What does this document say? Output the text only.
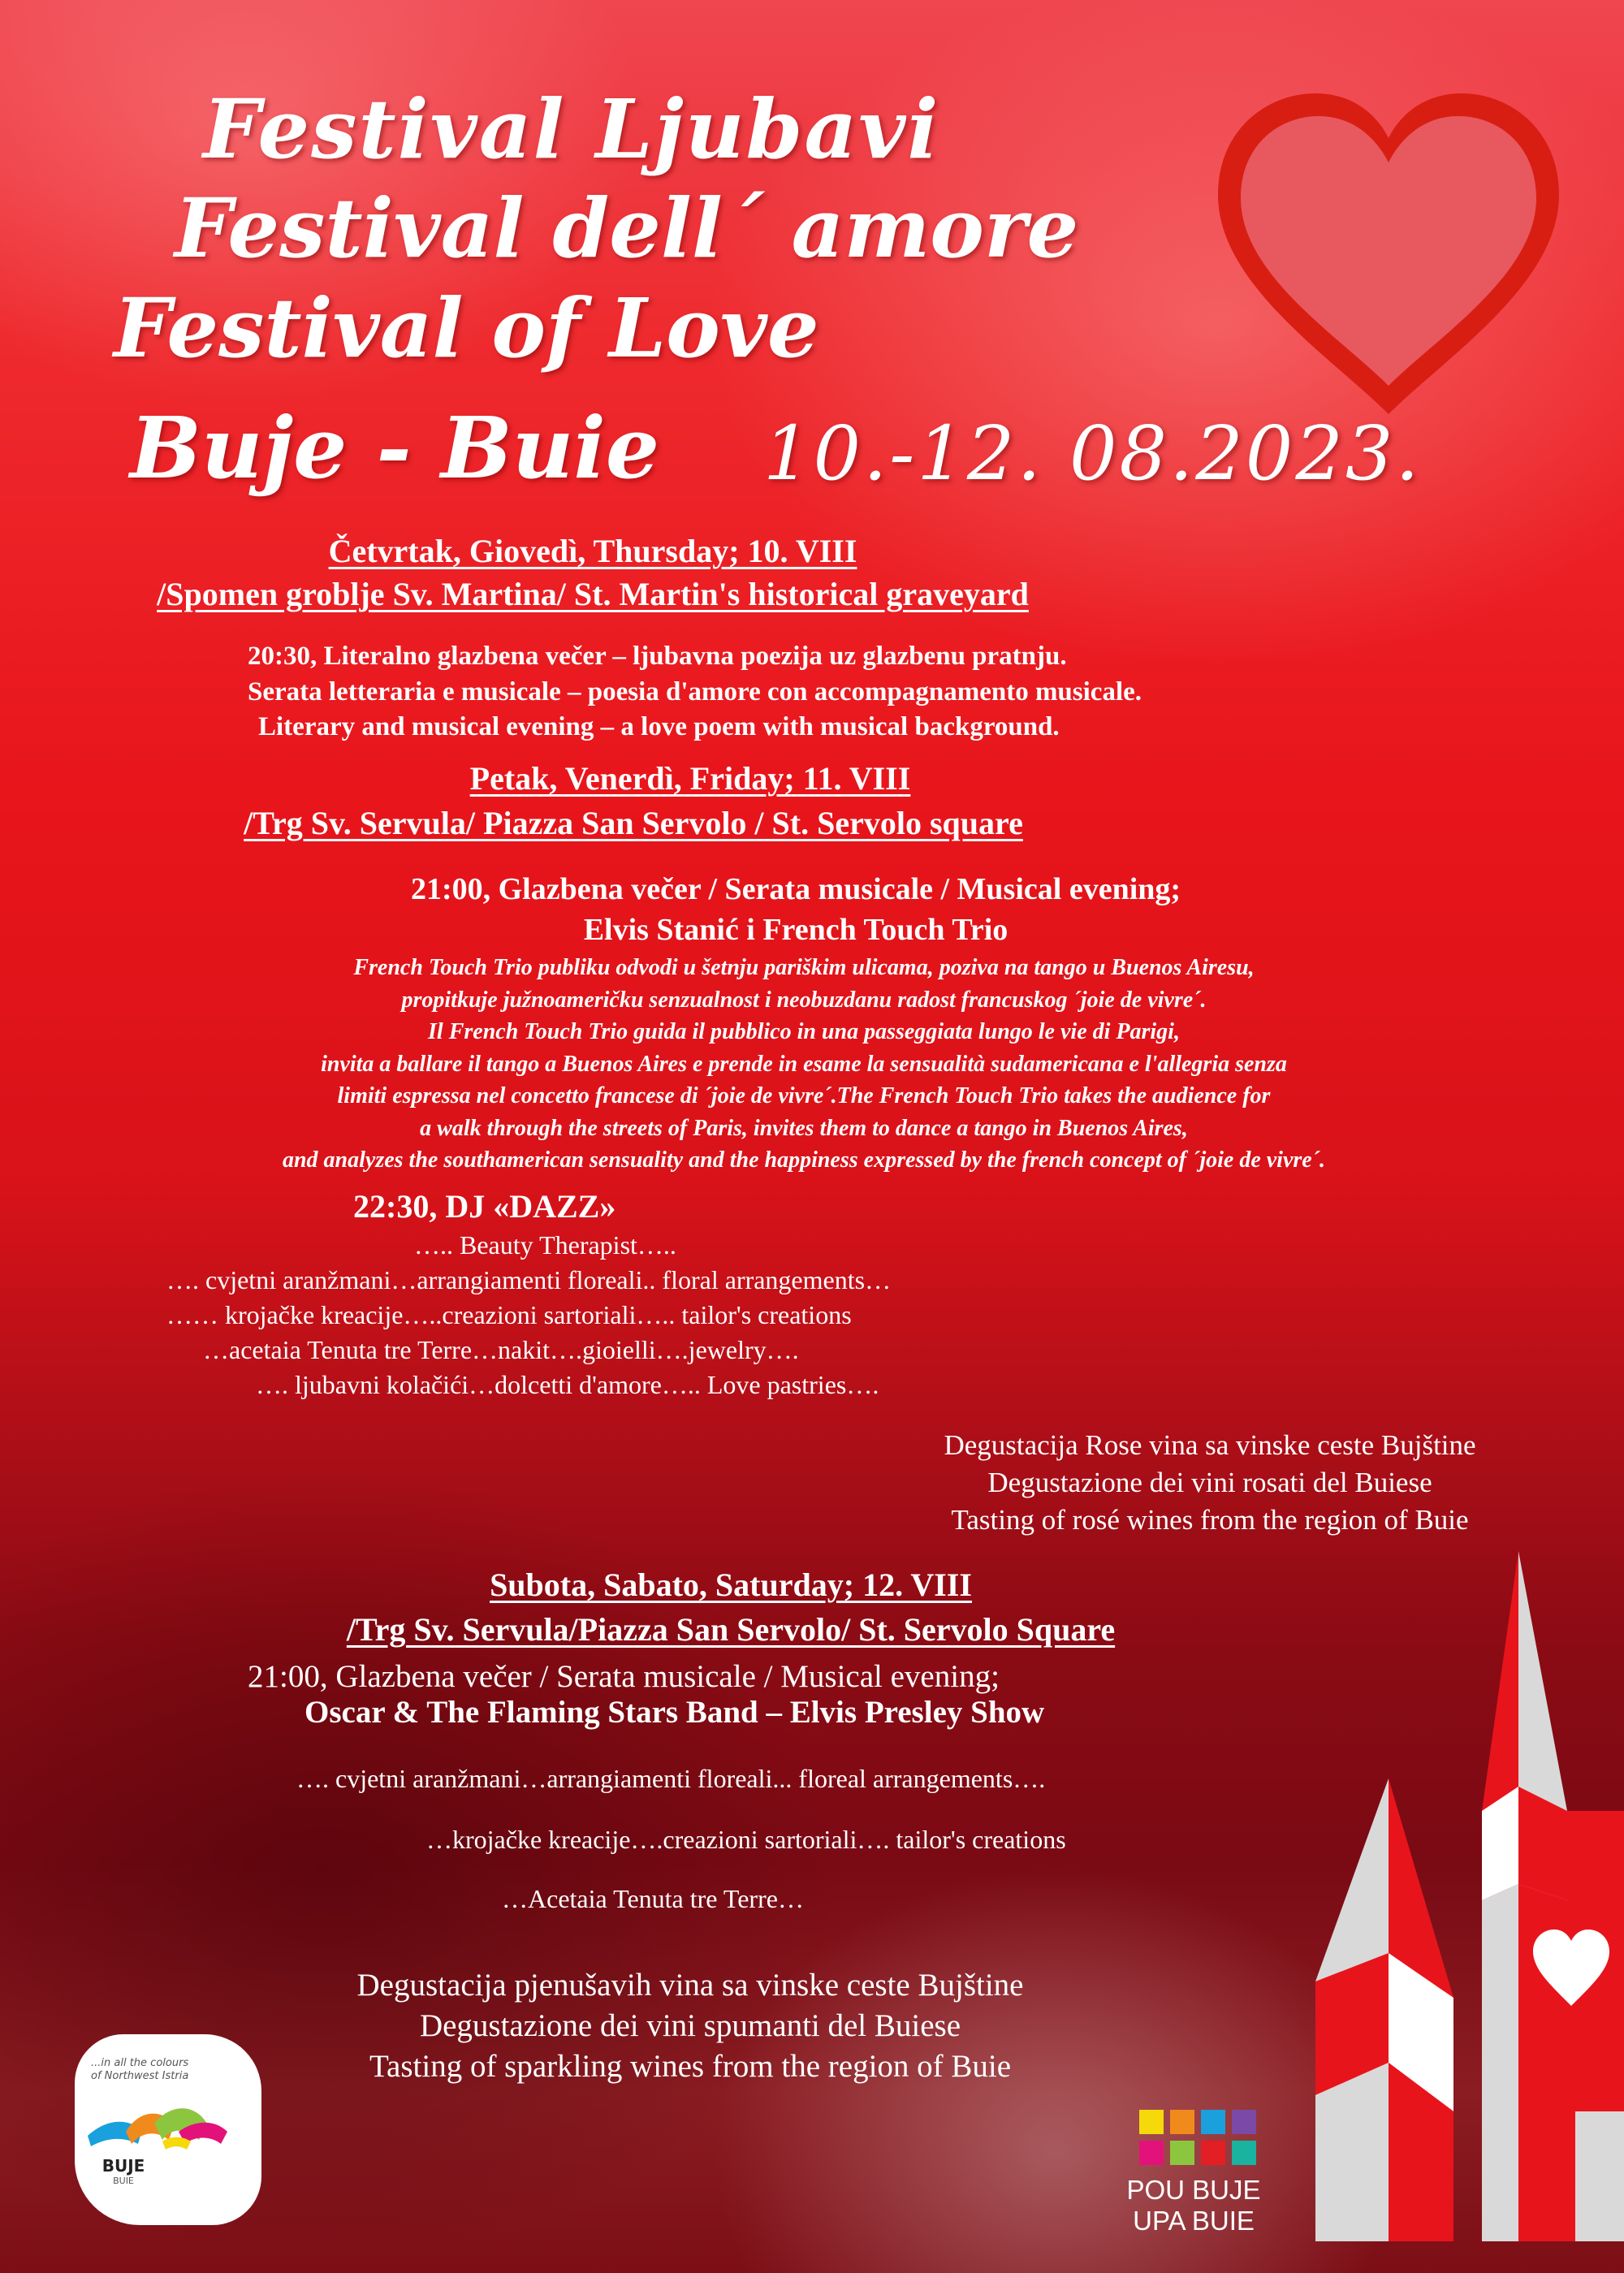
Festival Ljubavi
Festival dell´ amore
Festival of Love
Buje - Buie 10.-12. 08.2023.
Četvrtak, Giovedì, Thursday; 10. VIII
/Spomen groblje Sv. Martina/ St. Martin's historical graveyard
20:30, Literalno glazbena večer – ljubavna poezija uz glazbenu pratnju.
Serata letteraria e musicale – poesia d'amore con accompagnamento musicale.
Literary and musical evening – a love poem with musical background.
Petak, Venerdì, Friday; 11. VIII
/Trg Sv. Servula/ Piazza San Servolo / St. Servolo square
21:00, Glazbena večer / Serata musicale / Musical evening;
Elvis Stanić i French Touch Trio
French Touch Trio publiku odvodi u šetnju pariškim ulicama, poziva na tango u Buenos Airesu,
propitkuje južnoameričku senzualnost i neobuzdanu radost francuskog ´joie de vivre´.
Il French Touch Trio guida il pubblico in una passeggiata lungo le vie di Parigi,
invita a ballare il tango a Buenos Aires e prende in esame la sensualità sudamericana e l'allegria senza
limiti espressa nel concetto francese di ´joie de vivre´.The French Touch Trio takes the audience for
a walk through the streets of Paris, invites them to dance a tango in Buenos Aires,
and analyzes the southamerican sensuality and the happiness expressed by the french concept of ´joie de vivre´.
22:30, DJ «DAZZ»
….. Beauty Therapist…..
…. cvjetni aranžmani…arrangiamenti floreali.. floral arrangements…
…… krojačke kreacije…..creazioni sartoriali….. tailor's creations
…acetaia Tenuta tre Terre…nakit….gioielli….jewelry….
…. ljubavni kolačići…dolcetti d'amore….. Love pastries….
Degustacija Rose vina sa vinske ceste Bujštine
Degustazione dei vini rosati del Buiese
Tasting of rosé wines from the region of Buie
Subota, Sabato, Saturday; 12. VIII
/Trg Sv. Servula/Piazza San Servolo/ St. Servolo Square
21:00, Glazbena večer / Serata musicale / Musical evening;
Oscar & The Flaming Stars Band – Elvis Presley Show
…. cvjetni aranžmani…arrangiamenti floreali... floreal arrangements….
…krojačke kreacije….creazioni sartoriali…. tailor's creations
…Acetaia Tenuta tre Terre…
Degustacija pjenušavih vina sa vinske ceste Bujštine
Degustazione dei vini spumanti del Buiese
Tasting of sparkling wines from the region of Buie
...in all the colours
of Northwest Istria
BUJE
BUIE	POU BUJE
UPA BUIE
